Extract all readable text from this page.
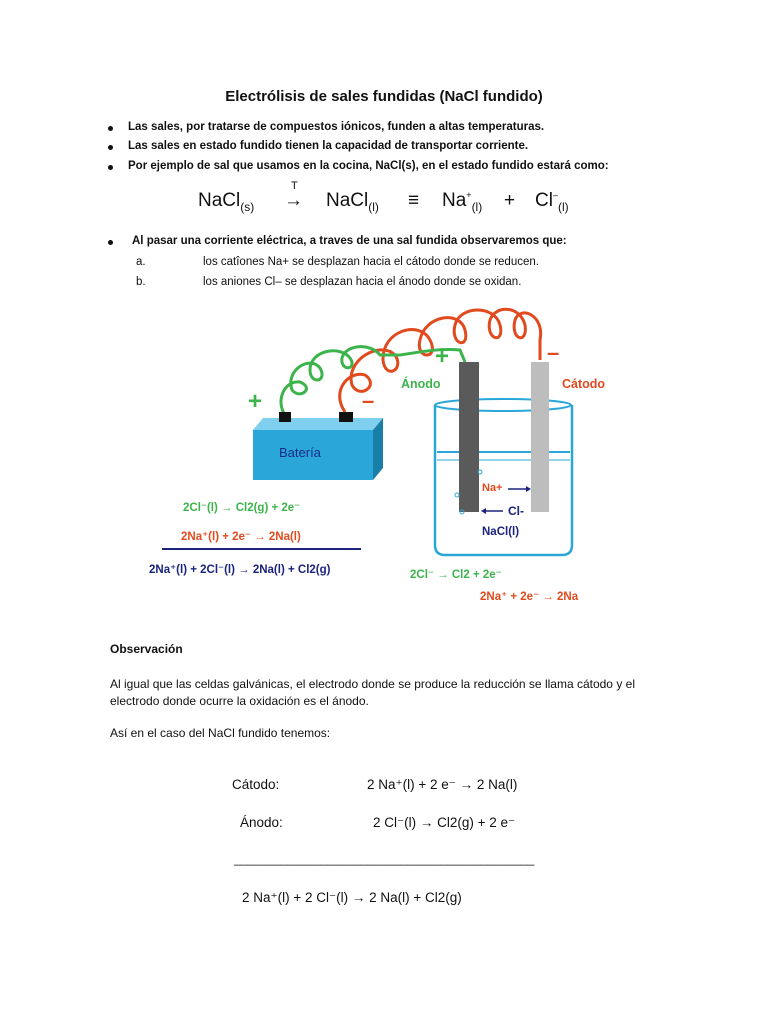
Electrólisis de sales fundidas (NaCl fundido)
Las sales, por tratarse de compuestos iónicos, funden a altas temperaturas.
Las sales en estado fundido tienen la capacidad de transportar corriente.
Por ejemplo de sal que usamos en la cocina, NaCl(s), en el estado fundido estará como:
NaCl$_{(s)}$
T
→ NaCl$_{(l)}$ ≡ $Na^+_{(l)} + Cl^-_{(l)}$
Al pasar una corriente eléctrica, a traves de una sal fundida observaremos que:
a.	los catîones Na+ se desplazan hacia el cátodo donde se reducen.
b.	los aniones Cl– se desplazan hacia el ánodo donde se oxidan.
Batería
+	–
+	–
Ánodo	Cátodo
Na+
Cl-
NaCl(l)
2Cl⁻(l) → Cl2(g) + 2e⁻
2Na⁺(l) + 2e⁻ → 2Na(l)
2Na⁺(l) + 2Cl⁻(l) → 2Na(l) + Cl2(g)	2Cl⁻ → Cl2 + 2e⁻
2Na⁺ + 2e⁻ → 2Na
Observación
Al igual que las celdas galvánicas, el electrodo donde se produce la reducción se llama cátodo y el electrodo donde ocurre la oxidación es el ánodo.
Así en el caso del NaCl fundido tenemos:
Cátodo:	2 Na⁺(l) + 2 e⁻ → 2 Na(l)
Ánodo:	2 Cl⁻(l) → Cl2(g) + 2 e⁻
_____________________________________________
2 Na⁺(l) + 2 Cl⁻(l) → 2 Na(l) + Cl2(g)
